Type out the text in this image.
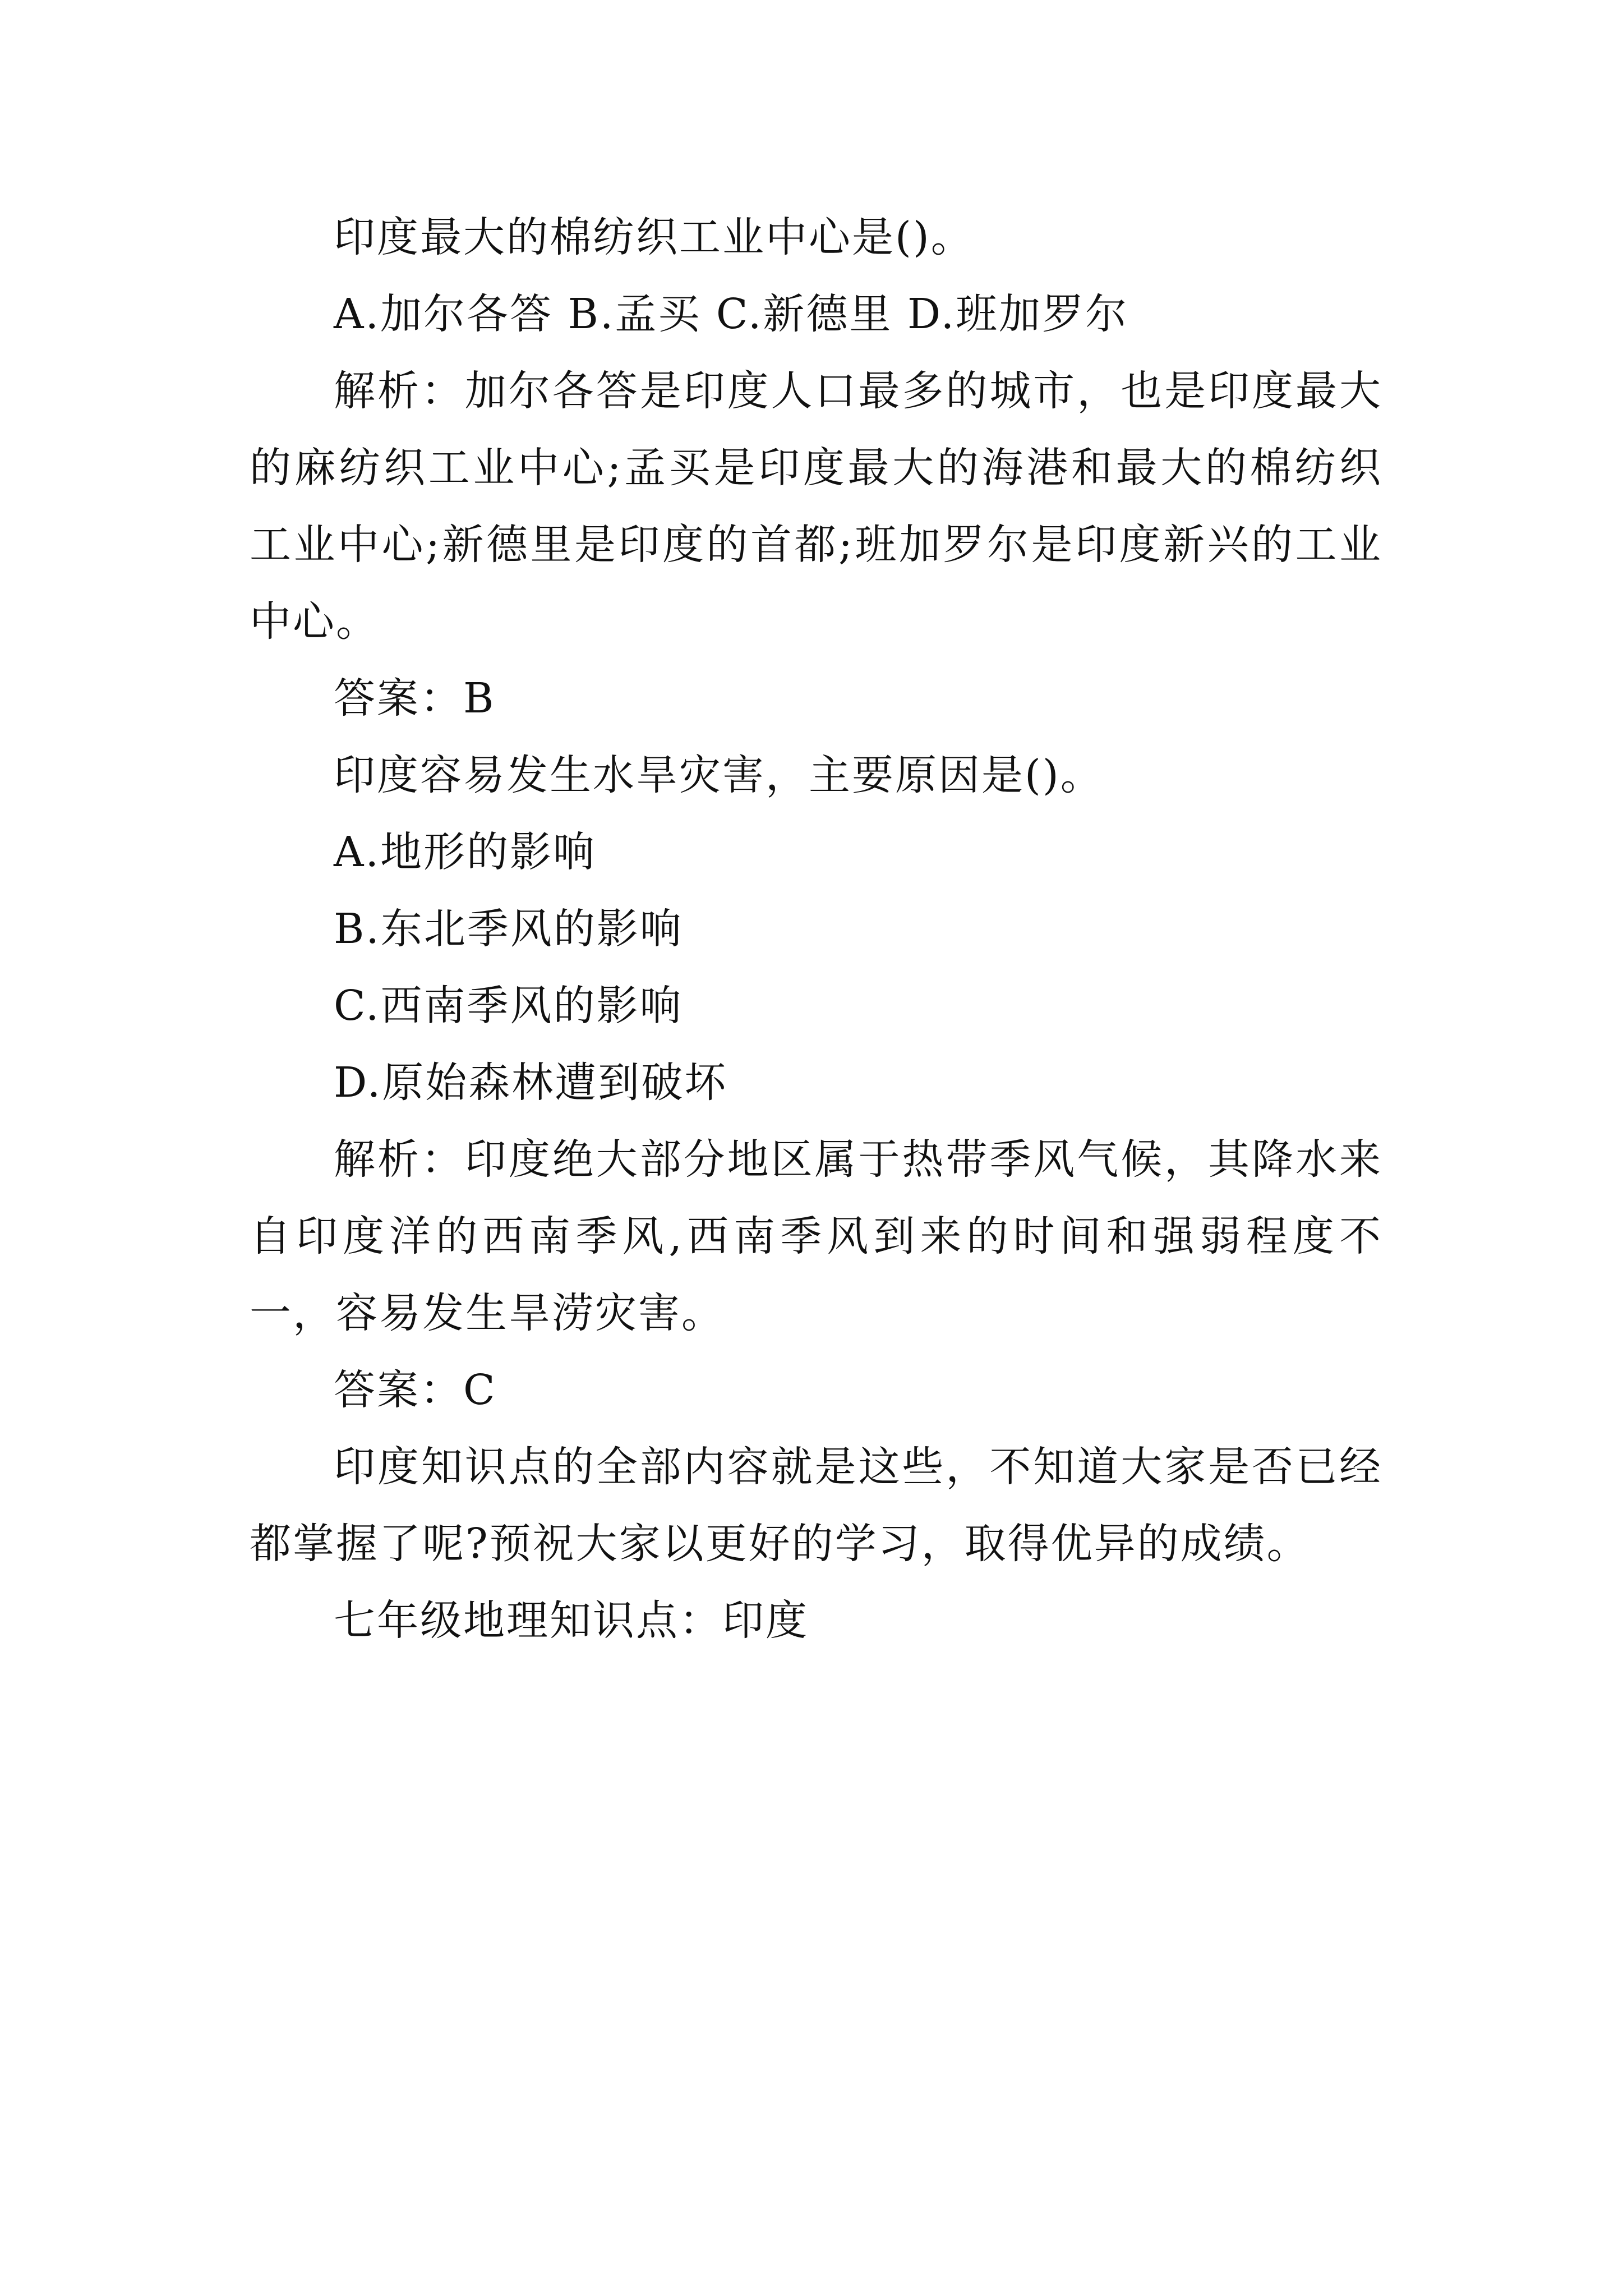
印度最大的棉纺织工业中心是()。

A.加尔各答 B.孟买 C.新德里 D.班加罗尔

解析：加尔各答是印度人口最多的城市，也是印度最大的麻纺织工业中心;孟买是印度最大的海港和最大的棉纺织工业中心;新德里是印度的首都;班加罗尔是印度新兴的工业中心。

答案：B

印度容易发生水旱灾害，主要原因是()。

A.地形的影响

B.东北季风的影响

C.西南季风的影响

D.原始森林遭到破坏

解析：印度绝大部分地区属于热带季风气候，其降水来自印度洋的西南季风,西南季风到来的时间和强弱程度不一，容易发生旱涝灾害。

答案：C

印度知识点的全部内容就是这些，不知道大家是否已经都掌握了呢?预祝大家以更好的学习，取得优异的成绩。

七年级地理知识点：印度
